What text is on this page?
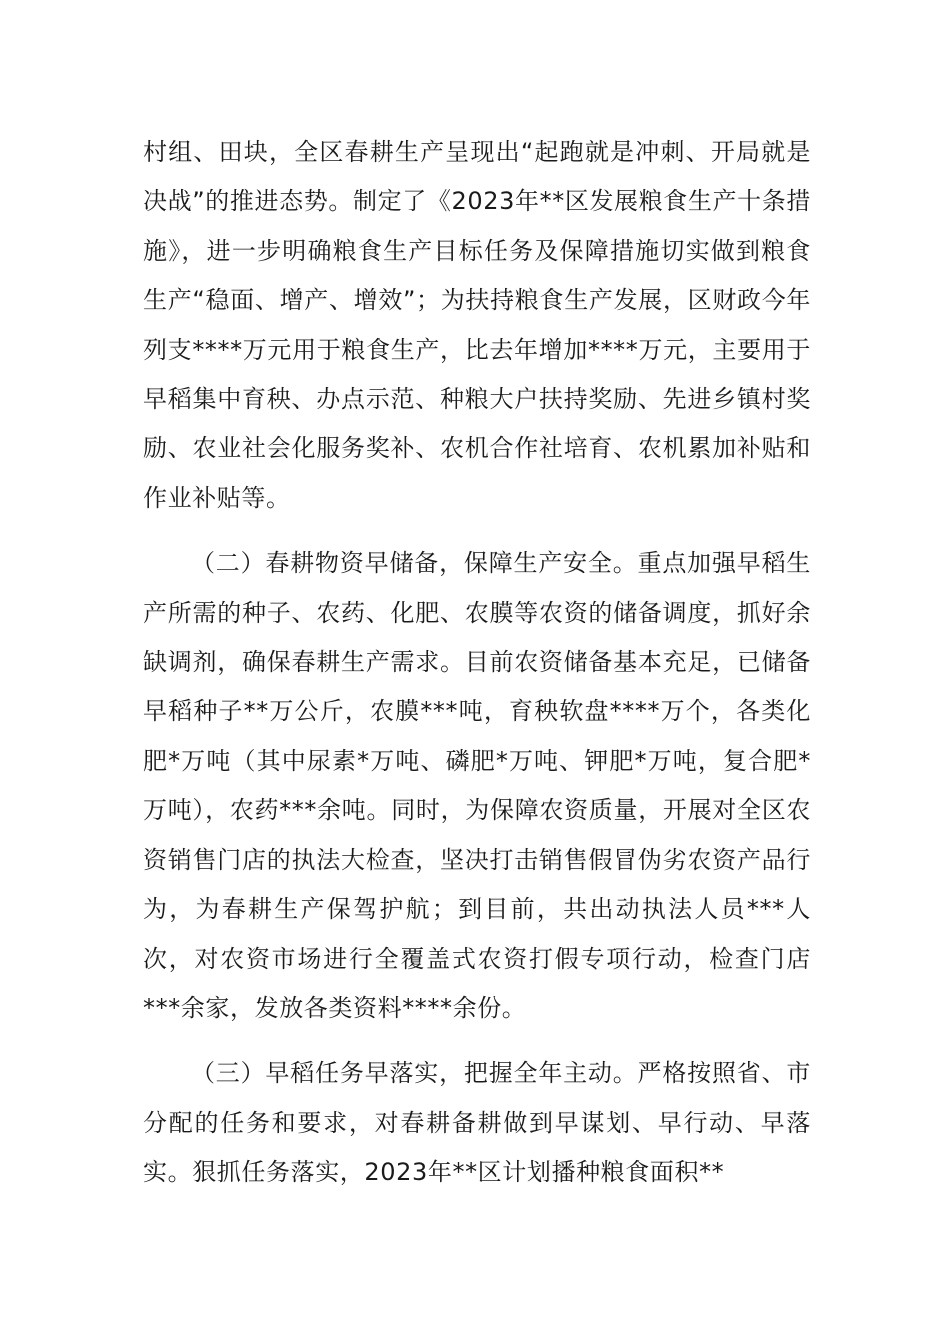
村组、田块，全区春耕生产呈现出“起跑就是冲刺、开局就是决战”的推进态势。制定了《2023年**区发展粮食生产十条措施》，进一步明确粮食生产目标任务及保障措施切实做到粮食生产“稳面、增产、增效”；为扶持粮食生产发展，区财政今年列支****万元用于粮食生产，比去年增加****万元，主要用于早稻集中育秧、办点示范、种粮大户扶持奖励、先进乡镇村奖励、农业社会化服务奖补、农机合作社培育、农机累加补贴和作业补贴等。

（二）春耕物资早储备，保障生产安全。重点加强早稻生产所需的种子、农药、化肥、农膜等农资的储备调度，抓好余缺调剂，确保春耕生产需求。目前农资储备基本充足，已储备早稻种子**万公斤，农膜***吨，育秧软盘****万个，各类化肥*万吨（其中尿素*万吨、磷肥*万吨、钾肥*万吨，复合肥*万吨），农药***余吨。同时，为保障农资质量，开展对全区农资销售门店的执法大检查，坚决打击销售假冒伪劣农资产品行为，为春耕生产保驾护航；到目前，共出动执法人员***人次，对农资市场进行全覆盖式农资打假专项行动，检查门店***余家，发放各类资料****余份。

（三）早稻任务早落实，把握全年主动。严格按照省、市分配的任务和要求，对春耕备耕做到早谋划、早行动、早落实。狠抓任务落实，2023年**区计划播种粮食面积**
